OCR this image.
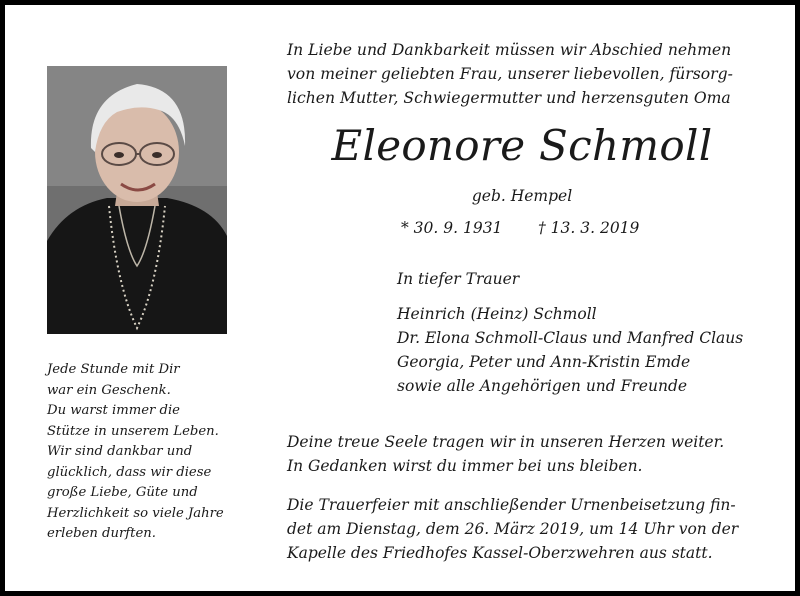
Jede Stunde mit Dir
war ein Geschenk.
Du warst immer die
Stütze in unserem Leben.
Wir sind dankbar und
glücklich, dass wir diese
große Liebe, Güte und
Herzlichkeit so viele Jahre
erleben durften.
In Liebe und Dankbarkeit müssen wir Abschied nehmen
von meiner geliebten Frau, unserer liebevollen, fürsorg-
lichen Mutter, Schwiegermutter und herzensguten Oma
Eleonore Schmoll
geb. Hempel
* 30. 9. 1931 † 13. 3. 2019
In tiefer Trauer
Heinrich (Heinz) Schmoll
Dr. Elona Schmoll-Claus und Manfred Claus
Georgia, Peter und Ann-Kristin Emde
sowie alle Angehörigen und Freunde
Deine treue Seele tragen wir in unseren Herzen weiter.
In Gedanken wirst du immer bei uns bleiben.
Die Trauerfeier mit anschließender Urnenbeisetzung fin-
det am Dienstag, dem 26. März 2019, um 14 Uhr von der
Kapelle des Friedhofes Kassel-Oberzwehren aus statt.
